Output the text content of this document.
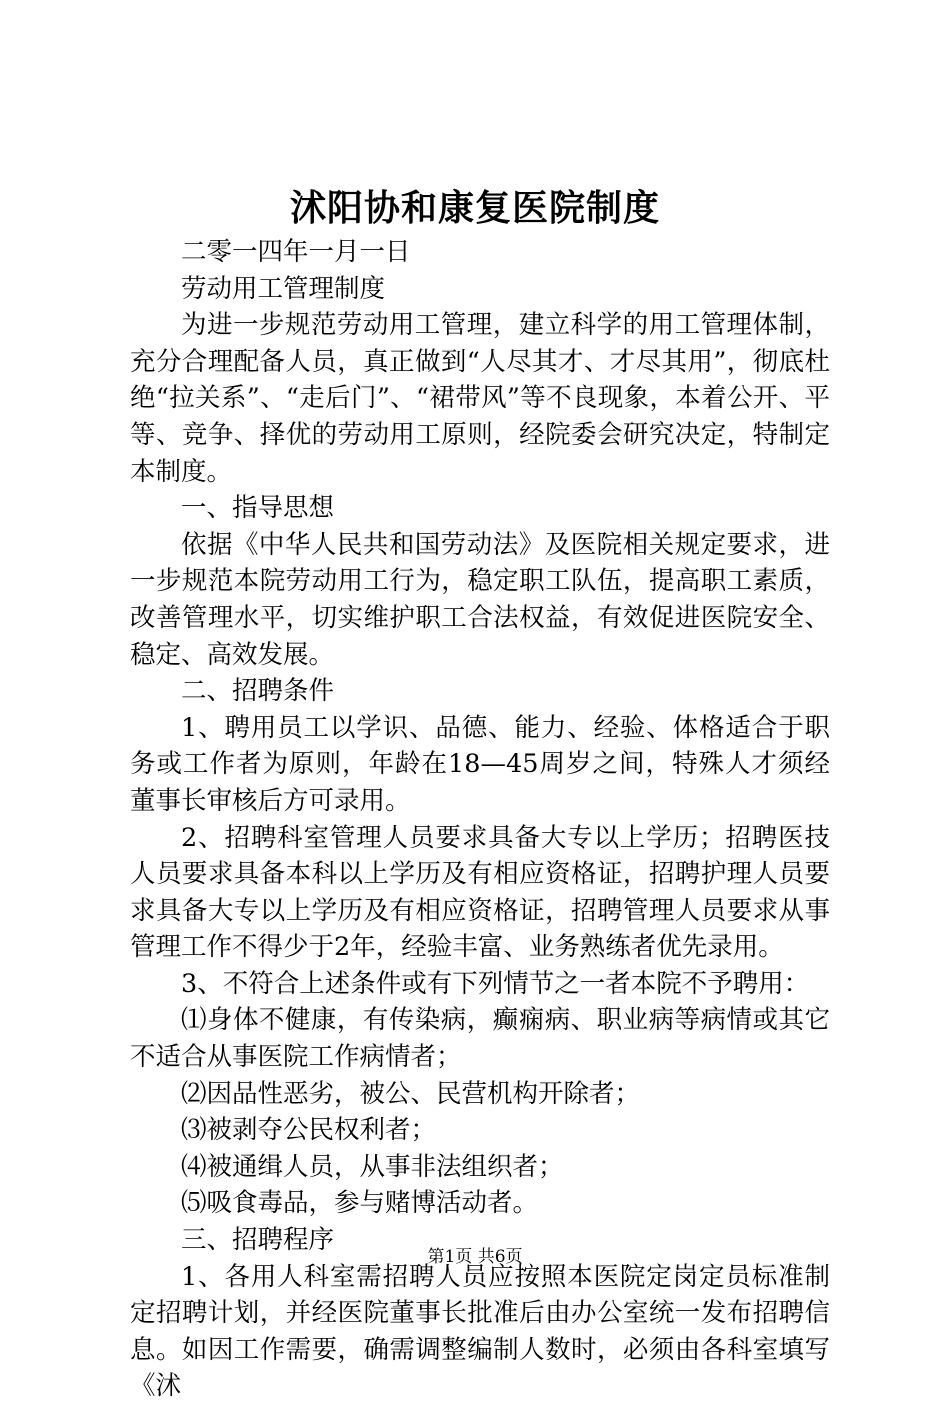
沭阳协和康复医院制度

二零一四年一月一日

劳动用工管理制度

为进一步规范劳动用工管理，建立科学的用工管理体制，充分合理配备人员，真正做到“人尽其才、才尽其用”，彻底杜绝“拉关系”、“走后门”、“裙带风”等不良现象，本着公开、平等、竞争、择优的劳动用工原则，经院委会研究决定，特制定本制度。

一、指导思想

依据《中华人民共和国劳动法》及医院相关规定要求，进一步规范本院劳动用工行为，稳定职工队伍，提高职工素质，改善管理水平，切实维护职工合法权益，有效促进医院安全、稳定、高效发展。

二、招聘条件

1、聘用员工以学识、品德、能力、经验、体格适合于职务或工作者为原则，年龄在18—45周岁之间，特殊人才须经董事长审核后方可录用。

2、招聘科室管理人员要求具备大专以上学历；招聘医技人员要求具备本科以上学历及有相应资格证，招聘护理人员要求具备大专以上学历及有相应资格证，招聘管理人员要求从事管理工作不得少于2年，经验丰富、业务熟练者优先录用。

3、不符合上述条件或有下列情节之一者本院不予聘用：

⑴身体不健康，有传染病，癫痫病、职业病等病情或其它不适合从事医院工作病情者；

⑵因品性恶劣，被公、民营机构开除者；

⑶被剥夺公民权利者；

⑷被通缉人员，从事非法组织者；

⑸吸食毒品，参与赌博活动者。

三、招聘程序

1、各用人科室需招聘人员应按照本医院定岗定员标准制定招聘计划，并经医院董事长批准后由办公室统一发布招聘信息。如因工作需要，确需调整编制人数时，必须由各科室填写《沭

第1页 共6页
